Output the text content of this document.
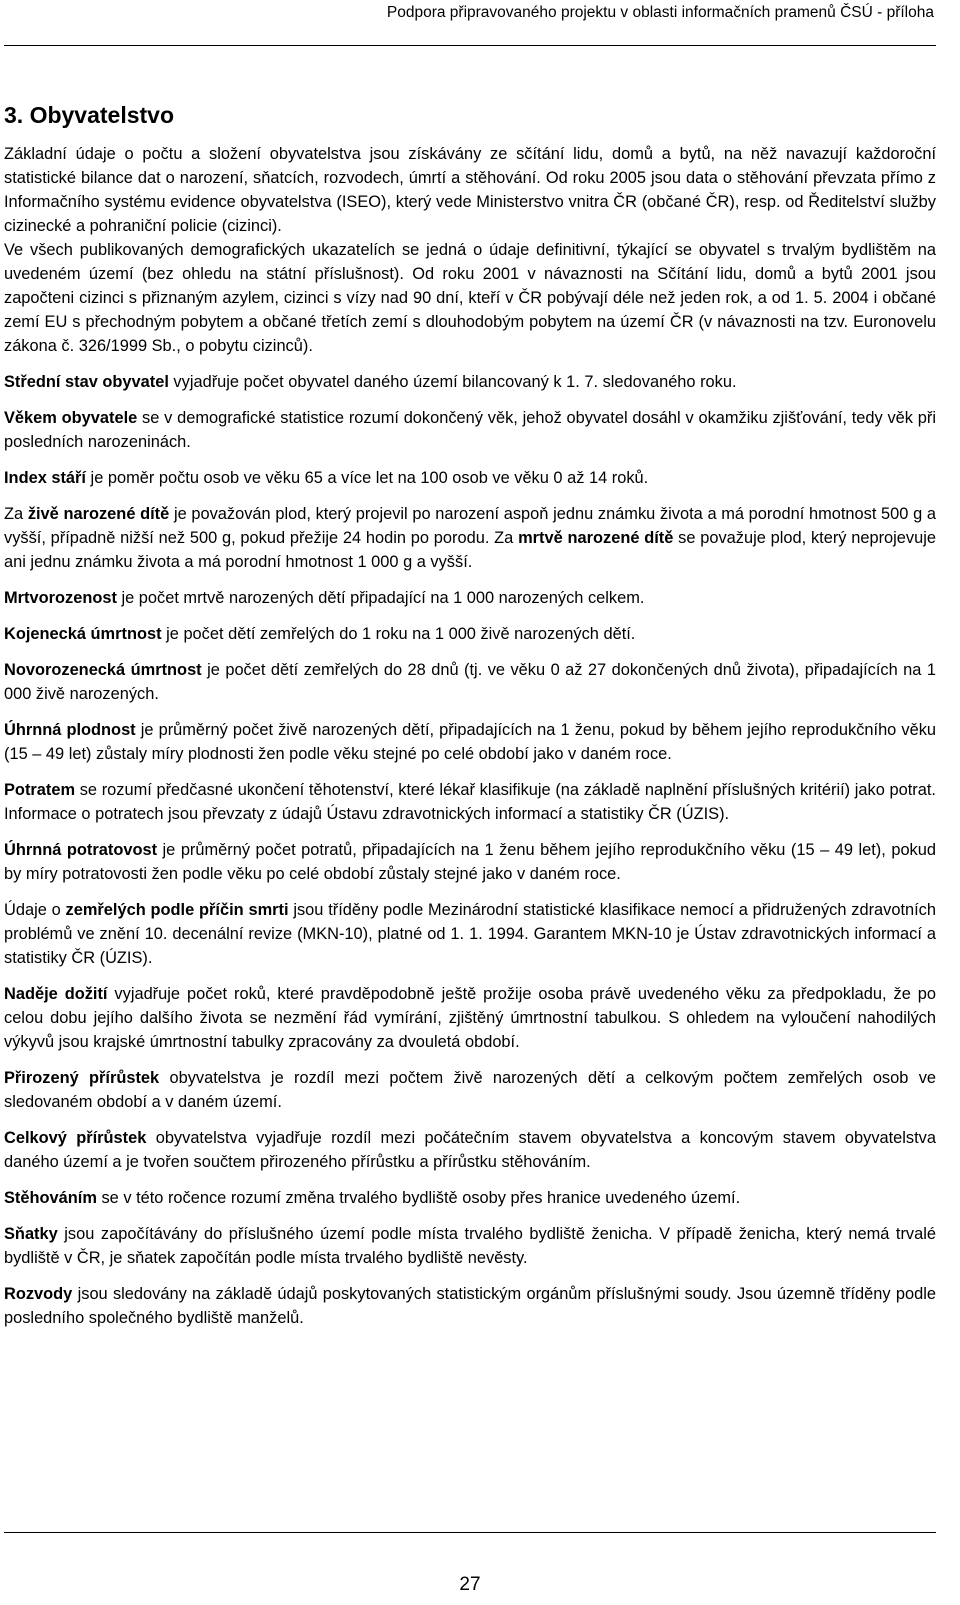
Podpora připravovaného projektu v oblasti informačních pramenů ČSÚ - příloha
3. Obyvatelstvo

Základní údaje o počtu a složení obyvatelstva jsou získávány ze sčítání lidu, domů a bytů, na něž navazují každoroční statistické bilance dat o narození, sňatcích, rozvodech, úmrtí a stěhování. Od roku 2005 jsou data o stěhování převzata přímo z Informačního systému evidence obyvatelstva (ISEO), který vede Ministerstvo vnitra ČR (občané ČR), resp. od Ředitelství služby cizinecké a pohraniční policie (cizinci).

Ve všech publikovaných demografických ukazatelích se jedná o údaje definitivní, týkající se obyvatel s trvalým bydlištěm na uvedeném území (bez ohledu na státní příslušnost). Od roku 2001 v návaznosti na Sčítání lidu, domů a bytů 2001 jsou započteni cizinci s přiznaným azylem, cizinci s vízy nad 90 dní, kteří v ČR pobývají déle než jeden rok, a od 1. 5. 2004 i občané zemí EU s přechodným pobytem a občané třetích zemí s dlouhodobým pobytem na území ČR (v návaznosti na tzv. Euronovelu zákona č. 326/1999 Sb., o pobytu cizinců).

Střední stav obyvatel vyjadřuje počet obyvatel daného území bilancovaný k 1. 7. sledovaného roku.

Věkem obyvatele se v demografické statistice rozumí dokončený věk, jehož obyvatel dosáhl v okamžiku zjišťování, tedy věk při posledních narozeninách.

Index stáří je poměr počtu osob ve věku 65 a více let na 100 osob ve věku 0 až 14 roků.

Za živě narozené dítě je považován plod, který projevil po narození aspoň jednu známku života a má porodní hmotnost 500 g a vyšší, případně nižší než 500 g, pokud přežije 24 hodin po porodu. Za mrtvě narozené dítě se považuje plod, který neprojevuje ani jednu známku života a má porodní hmotnost 1 000 g a vyšší.

Mrtvorozenost je počet mrtvě narozených dětí připadající na 1 000 narozených celkem.

Kojenecká úmrtnost je počet dětí zemřelých do 1 roku na 1 000 živě narozených dětí.

Novorozenecká úmrtnost je počet dětí zemřelých do 28 dnů (tj. ve věku 0 až 27 dokončených dnů života), připadajících na 1 000 živě narozených.

Úhrnná plodnost je průměrný počet živě narozených dětí, připadajících na 1 ženu, pokud by během jejího reprodukčního věku (15 – 49 let) zůstaly míry plodnosti žen podle věku stejné po celé období jako v daném roce.

Potratem se rozumí předčasné ukončení těhotenství, které lékař klasifikuje (na základě naplnění příslušných kritérií) jako potrat. Informace o potratech jsou převzaty z údajů Ústavu zdravotnických informací a statistiky ČR (ÚZIS).

Úhrnná potratovost je průměrný počet potratů, připadajících na 1 ženu během jejího reprodukčního věku (15 – 49 let), pokud by míry potratovosti žen podle věku po celé období zůstaly stejné jako v daném roce.

Údaje o zemřelých podle příčin smrti jsou tříděny podle Mezinárodní statistické klasifikace nemocí a přidružených zdravotních problémů ve znění 10. decenální revize (MKN-10), platné od 1. 1. 1994. Garantem MKN-10 je Ústav zdravotnických informací a statistiky ČR (ÚZIS).

Naděje dožití vyjadřuje počet roků, které pravděpodobně ještě prožije osoba právě uvedeného věku za předpokladu, že po celou dobu jejího dalšího života se nezmění řád vymírání, zjištěný úmrtnostní tabulkou. S ohledem na vyloučení nahodilých výkyvů jsou krajské úmrtnostní tabulky zpracovány za dvouletá období.

Přirozený přírůstek obyvatelstva je rozdíl mezi počtem živě narozených dětí a celkovým počtem zemřelých osob ve sledovaném období a v daném území.

Celkový přírůstek obyvatelstva vyjadřuje rozdíl mezi počátečním stavem obyvatelstva a koncovým stavem obyvatelstva daného území a je tvořen součtem přirozeného přírůstku a přírůstku stěhováním.

Stěhováním se v této ročence rozumí změna trvalého bydliště osoby přes hranice uvedeného území.

Sňatky jsou započítávány do příslušného území podle místa trvalého bydliště ženicha. V případě ženicha, který nemá trvalé bydliště v ČR, je sňatek započítán podle místa trvalého bydliště nevěsty.

Rozvody jsou sledovány na základě údajů poskytovaných statistickým orgánům příslušnými soudy. Jsou územně tříděny podle posledního společného bydliště manželů.

27
